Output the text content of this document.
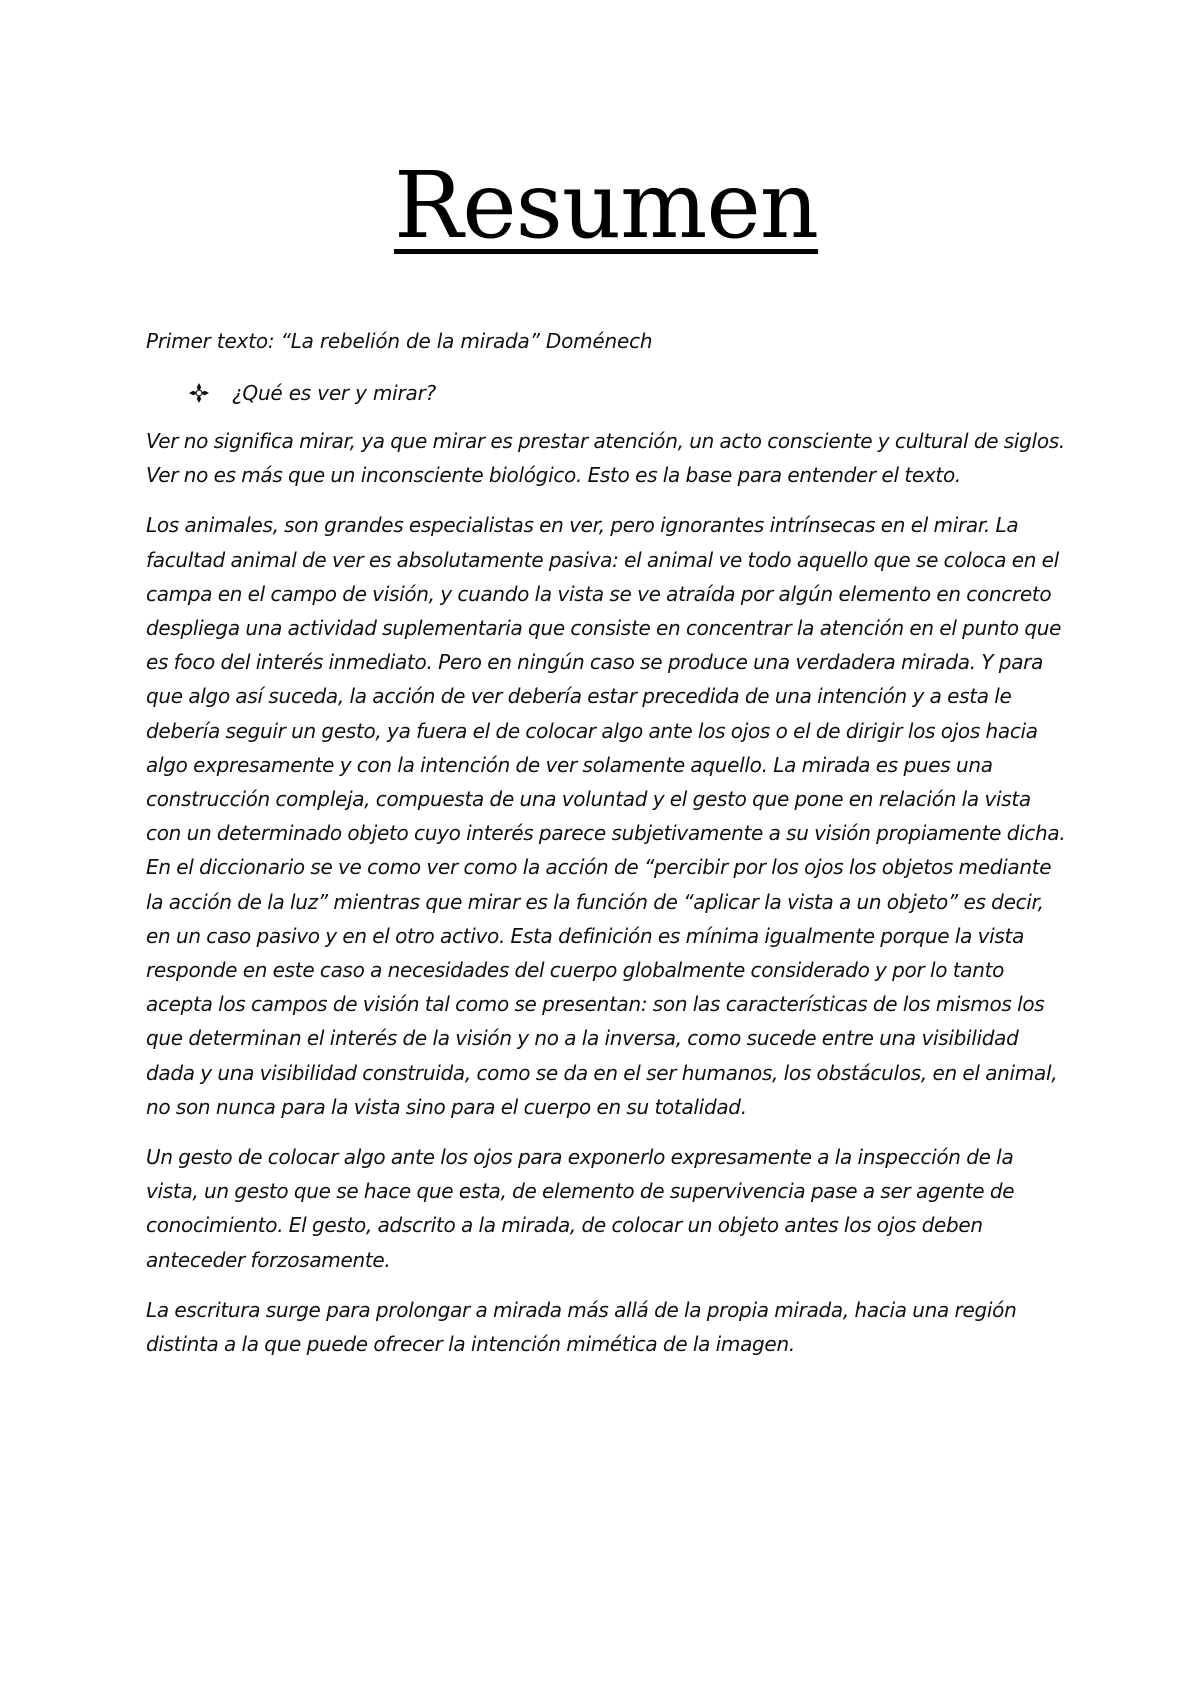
Resumen

Primer texto: “La rebelión de la mirada” Doménech

¿Qué es ver y mirar?

Ver no significa mirar, ya que mirar es prestar atención, un acto consciente y cultural de siglos. Ver no es más que un inconsciente biológico. Esto es la base para entender el texto.

Los animales, son grandes especialistas en ver, pero ignorantes intrínsecas en el mirar. La facultad animal de ver es absolutamente pasiva: el animal ve todo aquello que se coloca en el campa en el campo de visión, y cuando la vista se ve atraída por algún elemento en concreto despliega una actividad suplementaria que consiste en concentrar la atención en el punto que es foco del interés inmediato. Pero en ningún caso se produce una verdadera mirada. Y para que algo así suceda, la acción de ver debería estar precedida de una intención y a esta le debería seguir un gesto, ya fuera el de colocar algo ante los ojos o el de dirigir los ojos hacia algo expresamente y con la intención de ver solamente aquello. La mirada es pues una construcción compleja, compuesta de una voluntad y el gesto que pone en relación la vista con un determinado objeto cuyo interés parece subjetivamente a su visión propiamente dicha. En el diccionario se ve como ver como la acción de “percibir por los ojos los objetos mediante la acción de la luz” mientras que mirar es la función de “aplicar la vista a un objeto” es decir, en un caso pasivo y en el otro activo. Esta definición es mínima igualmente porque la vista responde en este caso a necesidades del cuerpo globalmente considerado y por lo tanto acepta los campos de visión tal como se presentan: son las características de los mismos los que determinan el interés de la visión y no a la inversa, como sucede entre una visibilidad dada y una visibilidad construida, como se da en el ser humanos, los obstáculos, en el animal, no son nunca para la vista sino para el cuerpo en su totalidad.

Un gesto de colocar algo ante los ojos para exponerlo expresamente a la inspección de la vista, un gesto que se hace que esta, de elemento de supervivencia pase a ser agente de conocimiento. El gesto, adscrito a la mirada, de colocar un objeto antes los ojos deben anteceder forzosamente.

La escritura surge para prolongar a mirada más allá de la propia mirada, hacia una región distinta a la que puede ofrecer la intención mimética de la imagen.
